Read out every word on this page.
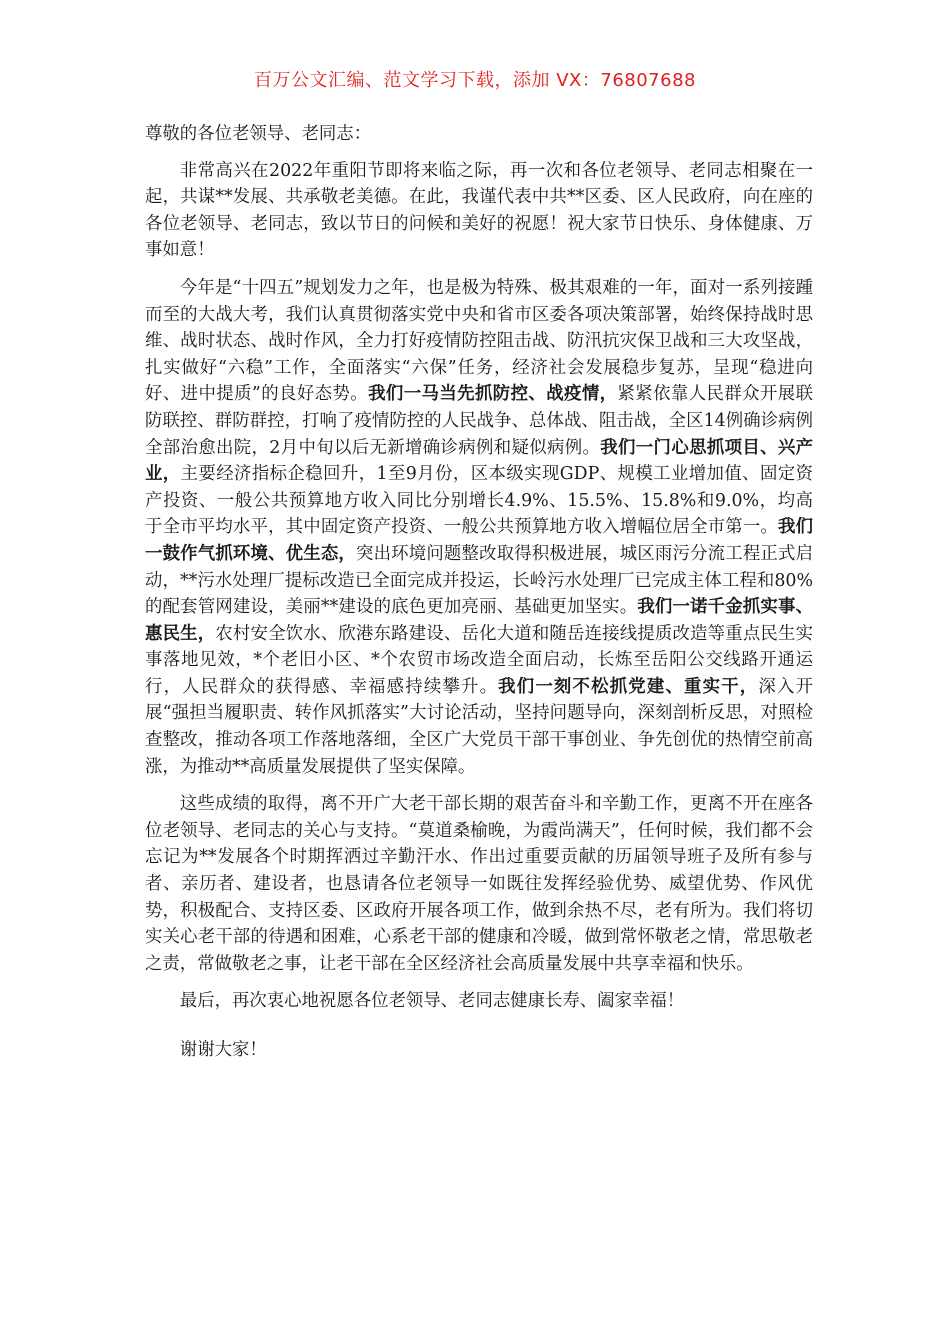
百万公文汇编、范文学习下载，添加 VX：76807688

尊敬的各位老领导、老同志：

非常高兴在2022年重阳节即将来临之际，再一次和各位老领导、老同志相聚在一起，共谋**发展、共承敬老美德。在此，我谨代表中共**区委、区人民政府，向在座的各位老领导、老同志，致以节日的问候和美好的祝愿！祝大家节日快乐、身体健康、万事如意！

今年是“十四五”规划发力之年，也是极为特殊、极其艰难的一年，面对一系列接踵而至的大战大考，我们认真贯彻落实党中央和省市区委各项决策部署，始终保持战时思维、战时状态、战时作风，全力打好疫情防控阻击战、防汛抗灾保卫战和三大攻坚战，扎实做好“六稳”工作，全面落实“六保”任务，经济社会发展稳步复苏，呈现“稳进向好、进中提质”的良好态势。我们一马当先抓防控、战疫情，紧紧依靠人民群众开展联防联控、群防群控，打响了疫情防控的人民战争、总体战、阻击战，全区14例确诊病例全部治愈出院，2月中旬以后无新增确诊病例和疑似病例。我们一门心思抓项目、兴产业，主要经济指标企稳回升，1至9月份，区本级实现GDP、规模工业增加值、固定资产投资、一般公共预算地方收入同比分别增长4.9%、15.5%、15.8%和9.0%，均高于全市平均水平，其中固定资产投资、一般公共预算地方收入增幅位居全市第一。我们一鼓作气抓环境、优生态，突出环境问题整改取得积极进展，城区雨污分流工程正式启动，**污水处理厂提标改造已全面完成并投运，长岭污水处理厂已完成主体工程和80%的配套管网建设，美丽**建设的底色更加亮丽、基础更加坚实。我们一诺千金抓实事、惠民生，农村安全饮水、欣港东路建设、岳化大道和随岳连接线提质改造等重点民生实事落地见效，*个老旧小区、*个农贸市场改造全面启动，长炼至岳阳公交线路开通运行，人民群众的获得感、幸福感持续攀升。我们一刻不松抓党建、重实干，深入开展“强担当履职责、转作风抓落实”大讨论活动，坚持问题导向，深刻剖析反思，对照检查整改，推动各项工作落地落细，全区广大党员干部干事创业、争先创优的热情空前高涨，为推动**高质量发展提供了坚实保障。

这些成绩的取得，离不开广大老干部长期的艰苦奋斗和辛勤工作，更离不开在座各位老领导、老同志的关心与支持。“莫道桑榆晚，为霞尚满天”，任何时候，我们都不会忘记为**发展各个时期挥洒过辛勤汗水、作出过重要贡献的历届领导班子及所有参与者、亲历者、建设者，也恳请各位老领导一如既往发挥经验优势、威望优势、作风优势，积极配合、支持区委、区政府开展各项工作，做到余热不尽，老有所为。我们将切实关心老干部的待遇和困难，心系老干部的健康和冷暖，做到常怀敬老之情，常思敬老之责，常做敬老之事，让老干部在全区经济社会高质量发展中共享幸福和快乐。

最后，再次衷心地祝愿各位老领导、老同志健康长寿、阖家幸福！

谢谢大家！
